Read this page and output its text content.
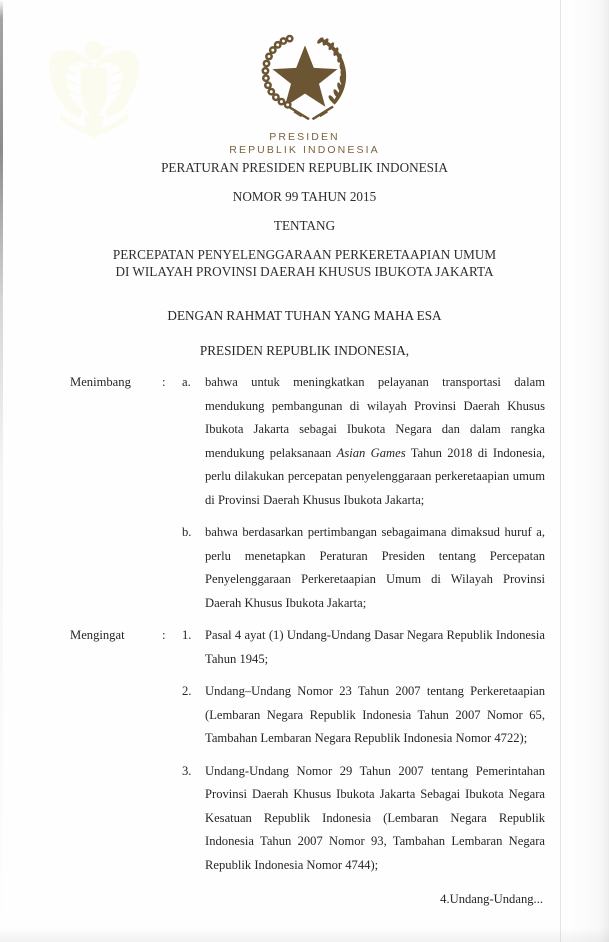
PRESIDEN
REPUBLIK INDONESIA
PERATURAN PRESIDEN REPUBLIK INDONESIA
NOMOR 99 TAHUN 2015
TENTANG
PERCEPATAN PENYELENGGARAAN PERKERETAAPIAN UMUM
DI WILAYAH PROVINSI DAERAH KHUSUS IBUKOTA JAKARTA
DENGAN RAHMAT TUHAN YANG MAHA ESA
PRESIDEN REPUBLIK INDONESIA,
Menimbang	:	a.	bahwa untuk meningkatkan pelayanan transportasi dalam mendukung pembangunan di wilayah Provinsi Daerah Khusus Ibukota Jakarta sebagai Ibukota Negara dan dalam rangka mendukung pelaksanaan Asian Games Tahun 2018 di Indonesia, perlu dilakukan percepatan penyelenggaraan perkeretaapian umum di Provinsi Daerah Khusus Ibukota Jakarta;
b.	bahwa berdasarkan pertimbangan sebagaimana dimaksud huruf a, perlu menetapkan Peraturan Presiden tentang Percepatan Penyelenggaraan Perkeretaapian Umum di Wilayah Provinsi Daerah Khusus Ibukota Jakarta;
Mengingat	:	1.	Pasal 4 ayat (1) Undang-Undang Dasar Negara Republik Indonesia Tahun 1945;
2.	Undang–Undang Nomor 23 Tahun 2007 tentang Perkeretaapian (Lembaran Negara Republik Indonesia Tahun 2007 Nomor 65, Tambahan Lembaran Negara Republik Indonesia Nomor 4722);
3.	Undang-Undang Nomor 29 Tahun 2007 tentang Pemerintahan Provinsi Daerah Khusus Ibukota Jakarta Sebagai Ibukota Negara Kesatuan Republik Indonesia (Lembaran Negara Republik Indonesia Tahun 2007 Nomor 93, Tambahan Lembaran Negara Republik Indonesia Nomor 4744);
4.Undang-Undang...
